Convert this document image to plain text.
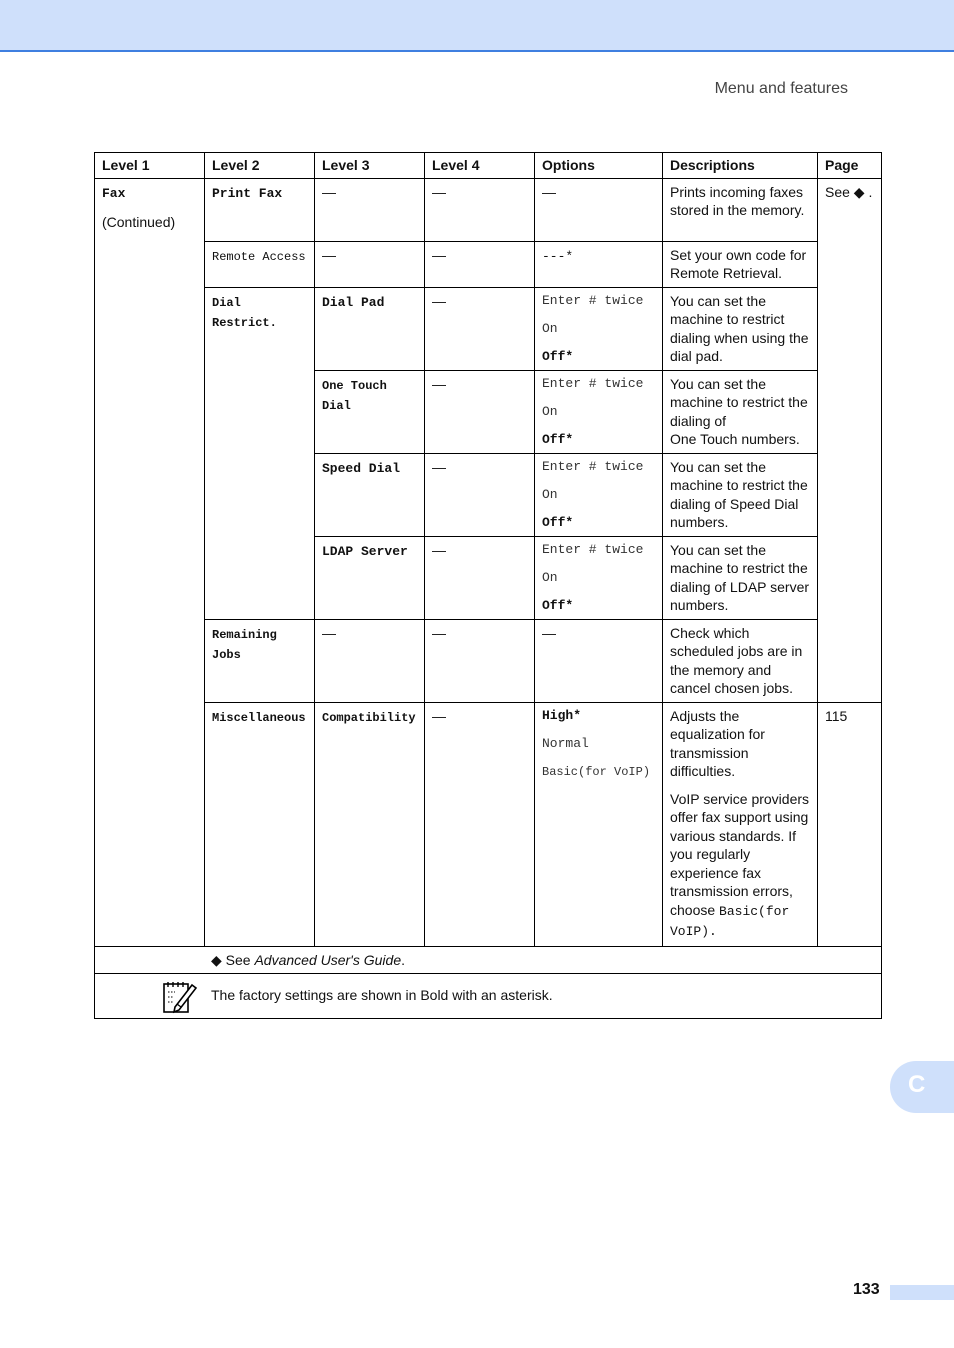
Menu and features
Level 1	Level 2	Level 3	Level 4	Options	Descriptions	Page
Fax
(Continued)	Print Fax	—	—	—	Prints incoming faxes stored in the memory.	See ◆ .
	Remote Access	—	—	---*	Set your own code for Remote Retrieval.	
	Dial Restrict.	Dial Pad	—	Enter # twice
On
Off*	You can set the machine to restrict dialing when using the dial pad.	
		One Touch Dial	—	Enter # twice
On
Off*	You can set the machine to restrict the dialing of
One Touch numbers.	

		Speed Dial	—	Enter # twice
On
Off*	You can set the machine to restrict the dialing of Speed Dial numbers.	
		LDAP Server	—	Enter # twice
On
Off*	You can set the machine to restrict the dialing of LDAP server numbers.	
	Remaining Jobs	—	—	—	Check which scheduled jobs are in the memory and cancel chosen jobs.	
	Miscellaneous	Compatibility	—	High*
Normal
Basic(for VoIP)	Adjusts the equalization for transmission difficulties.
VoIP service providers offer fax support using various standards. If you regularly experience fax transmission errors, choose Basic(for VoIP).	115
◆ See Advanced User's Guide.						

The factory settings are shown in Bold with an asterisk.						
C
133
